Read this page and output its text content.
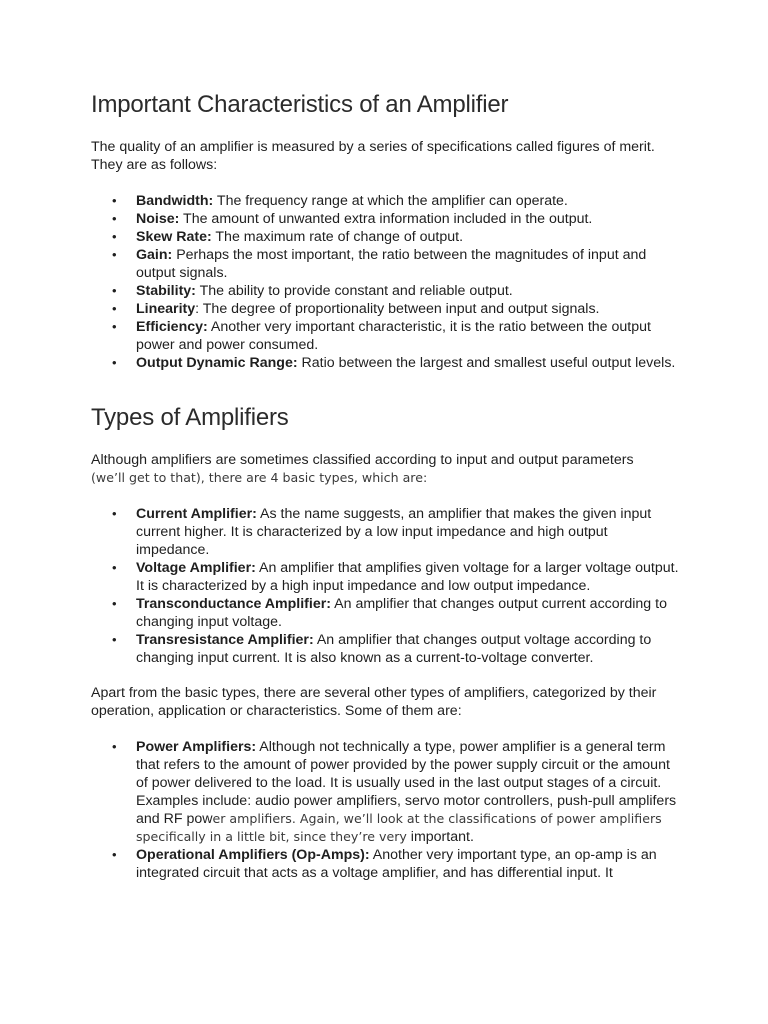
Important Characteristics of an Amplifier

The quality of an amplifier is measured by a series of specifications called figures of merit. They are as follows:

• Bandwidth: The frequency range at which the amplifier can operate.
• Noise: The amount of unwanted extra information included in the output.
• Skew Rate: The maximum rate of change of output.
• Gain: Perhaps the most important, the ratio between the magnitudes of input and output signals.
• Stability: The ability to provide constant and reliable output.
• Linearity: The degree of proportionality between input and output signals.
• Efficiency: Another very important characteristic, it is the ratio between the output power and power consumed.
• Output Dynamic Range: Ratio between the largest and smallest useful output levels.
Types of Amplifiers

Although amplifiers are sometimes classified according to input and output parameters

(we’ll get to that), there are 4 basic types, which are:

• Current Amplifier: As the name suggests, an amplifier that makes the given input current higher. It is characterized by a low input impedance and high output impedance.
• Voltage Amplifier: An amplifier that amplifies given voltage for a larger voltage output. It is characterized by a high input impedance and low output impedance.
• Transconductance Amplifier: An amplifier that changes output current according to changing input voltage.
• Transresistance Amplifier: An amplifier that changes output voltage according to changing input current. It is also known as a current-to-voltage converter.

Apart from the basic types, there are several other types of amplifiers, categorized by their operation, application or characteristics. Some of them are:

• Power Amplifiers: Although not technically a type, power amplifier is a general term that refers to the amount of power provided by the power supply circuit or the amount of power delivered to the load. It is usually used in the last output stages of a circuit. Examples include: audio power amplifiers, servo motor controllers, push-pull amplifers and RF power amplifiers. Again, we’ll look at the classifications of power amplifiers specifically in a little bit, since they’re very important.
• Operational Amplifiers (Op-Amps): Another very important type, an op-amp is an integrated circuit that acts as a voltage amplifier, and has differential input. It
